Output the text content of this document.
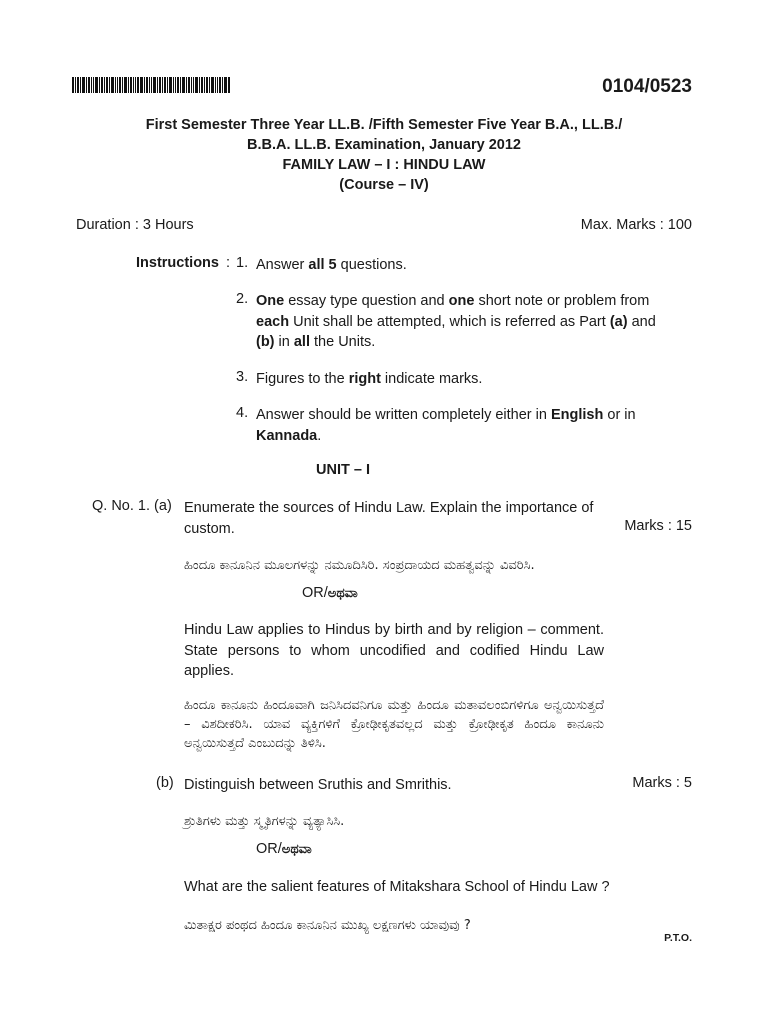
0104/0523
First Semester Three Year LL.B. /Fifth Semester Five Year B.A., LL.B./
B.B.A. LL.B. Examination, January 2012
FAMILY LAW – I : HINDU LAW
(Course – IV)
Duration : 3 Hours	Max. Marks : 100
Instructions : 1. Answer all 5 questions.
2. One essay type question and one short note or problem from each Unit shall be attempted, which is referred as Part (a) and (b) in all the Units.
3. Figures to the right indicate marks.
4. Answer should be written completely either in English or in Kannada.
UNIT – I
Q. No. 1. (a) Enumerate the sources of Hindu Law. Explain the importance of custom.	Marks : 15
ಹಿಂದೂ ಕಾನೂನಿನ ಮೂಲಗಳನ್ನು ನಮೂದಿಸಿರಿ. ಸಂಪ್ರದಾಯದ ಮಹತ್ವವನ್ನು ವಿವರಿಸಿ.
OR/ಅಥವಾ
Hindu Law applies to Hindus by birth and by religion – comment. State persons to whom uncodified and codified Hindu Law applies.
ಹಿಂದೂ ಕಾನೂನು ಹಿಂದೂವಾಗಿ ಜನಿಸಿದವನಿಗೂ ಮತ್ತು ಹಿಂದೂ ಮತಾವಲಂಬಿಗಳಿಗೂ ಅನ್ವಯಿಸುತ್ತದೆ – ವಿಶದೀಕರಿಸಿ. ಯಾವ ವ್ಯಕ್ತಿಗಳಿಗೆ ಕ್ರೋಢೀಕೃತವಲ್ಲದ ಮತ್ತು ಕ್ರೋಢೀಕೃತ ಹಿಂದೂ ಕಾನೂನು ಅನ್ವಯಿಸುತ್ತದೆ ಎಂಬುದನ್ನು ತಿಳಿಸಿ.
(b) Distinguish between Sruthis and Smrithis.	Marks : 5
ಶ್ರುತಿಗಳು ಮತ್ತು ಸ್ಮೃತಿಗಳನ್ನು ವ್ಯತ್ಯಾಸಿಸಿ.
OR/ಅಥವಾ
What are the salient features of Mitakshara School of Hindu Law ?
ಮಿತಾಕ್ಷರ ಪಂಥದ ಹಿಂದೂ ಕಾನೂನಿನ ಮುಖ್ಯ ಲಕ್ಷಣಗಳು ಯಾವುವು ?
P.T.O.
